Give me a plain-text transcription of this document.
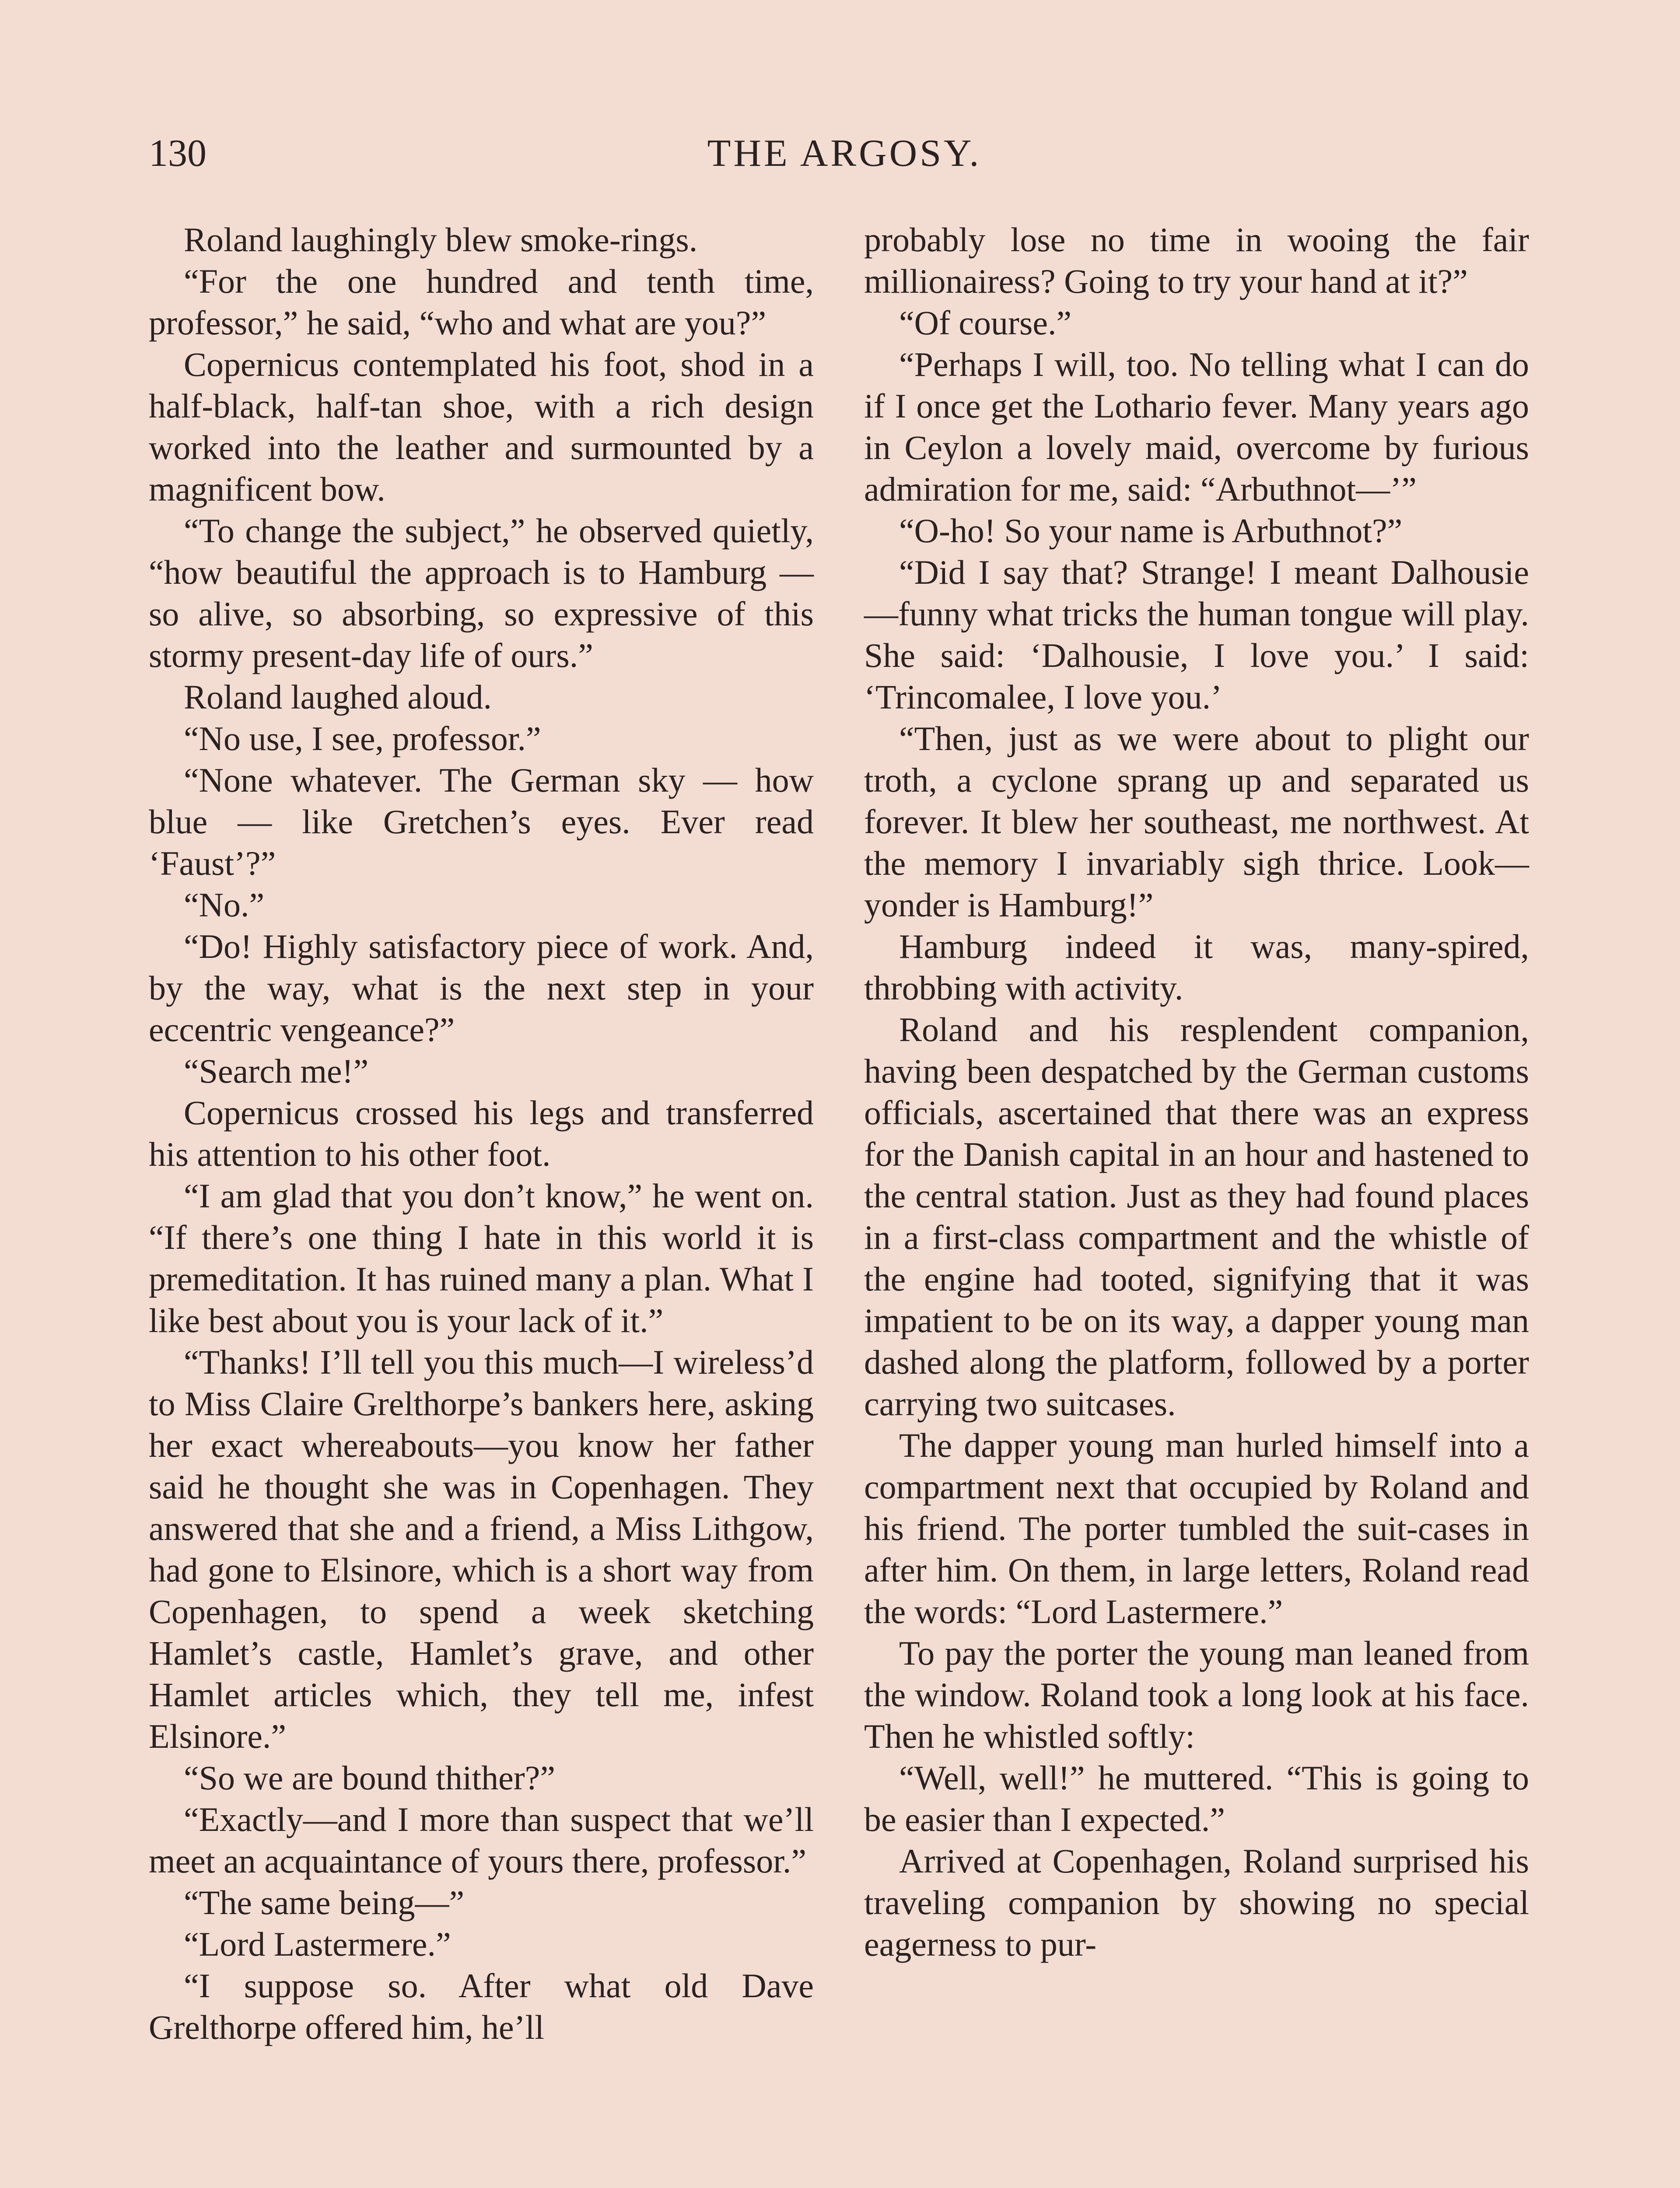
130	THE ARGOSY.

Roland laughingly blew smoke-rings.

“For the one hundred and tenth time, professor,” he said, “who and what are you?”

Copernicus contemplated his foot, shod in a half-black, half-tan shoe, with a rich design worked into the leather and surmounted by a magnificent bow.

“To change the subject,” he observed quietly, “how beautiful the approach is to Hamburg — so alive, so absorbing, so expressive of this stormy present-day life of ours.”

Roland laughed aloud.

“No use, I see, professor.”

“None whatever. The German sky — how blue — like Gretchen’s eyes. Ever read ‘Faust’?”

“No.”

“Do! Highly satisfactory piece of work. And, by the way, what is the next step in your eccentric vengeance?”

“Search me!”

Copernicus crossed his legs and transferred his attention to his other foot.

“I am glad that you don’t know,” he went on. “If there’s one thing I hate in this world it is premeditation. It has ruined many a plan. What I like best about you is your lack of it.”

“Thanks! I’ll tell you this much—I wireless’d to Miss Claire Grelthorpe’s bankers here, asking her exact whereabouts—you know her father said he thought she was in Copenhagen. They answered that she and a friend, a Miss Lithgow, had gone to Elsinore, which is a short way from Copenhagen, to spend a week sketching Hamlet’s castle, Hamlet’s grave, and other Hamlet articles which, they tell me, infest Elsinore.”

“So we are bound thither?”

“Exactly—and I more than suspect that we’ll meet an acquaintance of yours there, professor.”

“The same being—”

“Lord Lastermere.”

“I suppose so. After what old Dave Grelthorpe offered him, he’ll

probably lose no time in wooing the fair millionairess? Going to try your hand at it?”

“Of course.”

“Perhaps I will, too. No telling what I can do if I once get the Lothario fever. Many years ago in Ceylon a lovely maid, overcome by furious admiration for me, said: “Arbuthnot—’”

“O-ho! So your name is Arbuthnot?”

“Did I say that? Strange! I meant Dalhousie—funny what tricks the human tongue will play. She said: ‘Dalhousie, I love you.’ I said: ‘Trincomalee, I love you.’

“Then, just as we were about to plight our troth, a cyclone sprang up and separated us forever. It blew her southeast, me northwest. At the memory I invariably sigh thrice. Look—yonder is Hamburg!”

Hamburg indeed it was, many-spired, throbbing with activity.

Roland and his resplendent companion, having been despatched by the German customs officials, ascertained that there was an express for the Danish capital in an hour and hastened to the central station. Just as they had found places in a first-class compartment and the whistle of the engine had tooted, signifying that it was impatient to be on its way, a dapper young man dashed along the platform, followed by a porter carrying two suitcases.

The dapper young man hurled himself into a compartment next that occupied by Roland and his friend. The porter tumbled the suit-cases in after him. On them, in large letters, Roland read the words: “Lord Lastermere.”

To pay the porter the young man leaned from the window. Roland took a long look at his face. Then he whistled softly:

“Well, well!” he muttered. “This is going to be easier than I expected.”

Arrived at Copenhagen, Roland surprised his traveling companion by showing no special eagerness to pur-
